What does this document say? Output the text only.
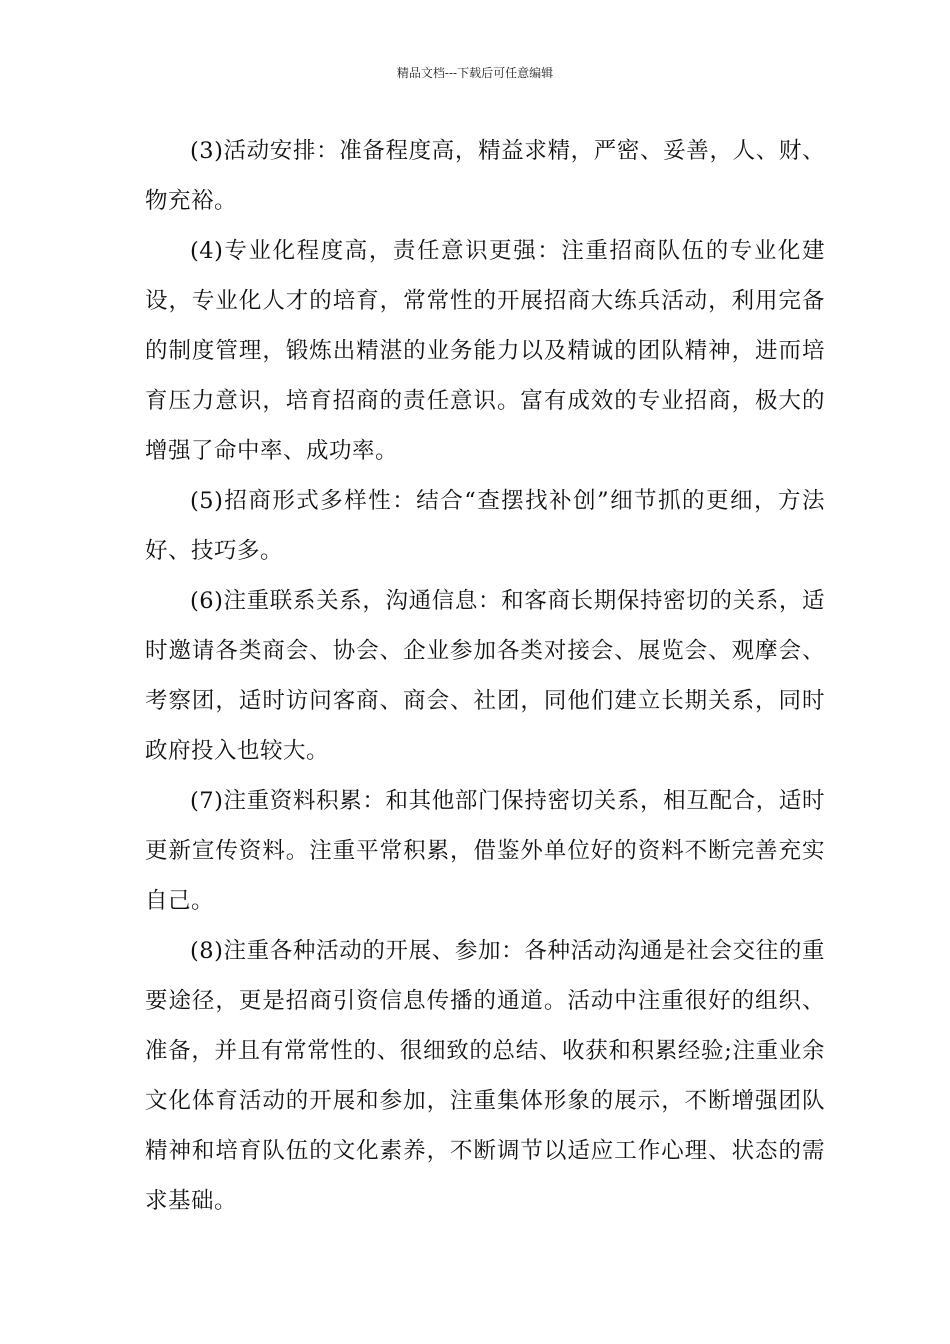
精品文档---下载后可任意编辑

(3)活动安排：准备程度高，精益求精，严密、妥善，人、财、物充裕。

(4)专业化程度高，责任意识更强：注重招商队伍的专业化建设，专业化人才的培育，常常性的开展招商大练兵活动，利用完备的制度管理，锻炼出精湛的业务能力以及精诚的团队精神，进而培育压力意识，培育招商的责任意识。富有成效的专业招商，极大的增强了命中率、成功率。

(5)招商形式多样性：结合“查摆找补创”细节抓的更细，方法好、技巧多。

(6)注重联系关系，沟通信息：和客商长期保持密切的关系，适时邀请各类商会、协会、企业参加各类对接会、展览会、观摩会、考察团，适时访问客商、商会、社团，同他们建立长期关系，同时政府投入也较大。

(7)注重资料积累：和其他部门保持密切关系，相互配合，适时更新宣传资料。注重平常积累，借鉴外单位好的资料不断完善充实自己。

(8)注重各种活动的开展、参加：各种活动沟通是社会交往的重要途径，更是招商引资信息传播的通道。活动中注重很好的组织、准备，并且有常常性的、很细致的总结、收获和积累经验;注重业余文化体育活动的开展和参加，注重集体形象的展示，不断增强团队精神和培育队伍的文化素养，不断调节以适应工作心理、状态的需求基础。
